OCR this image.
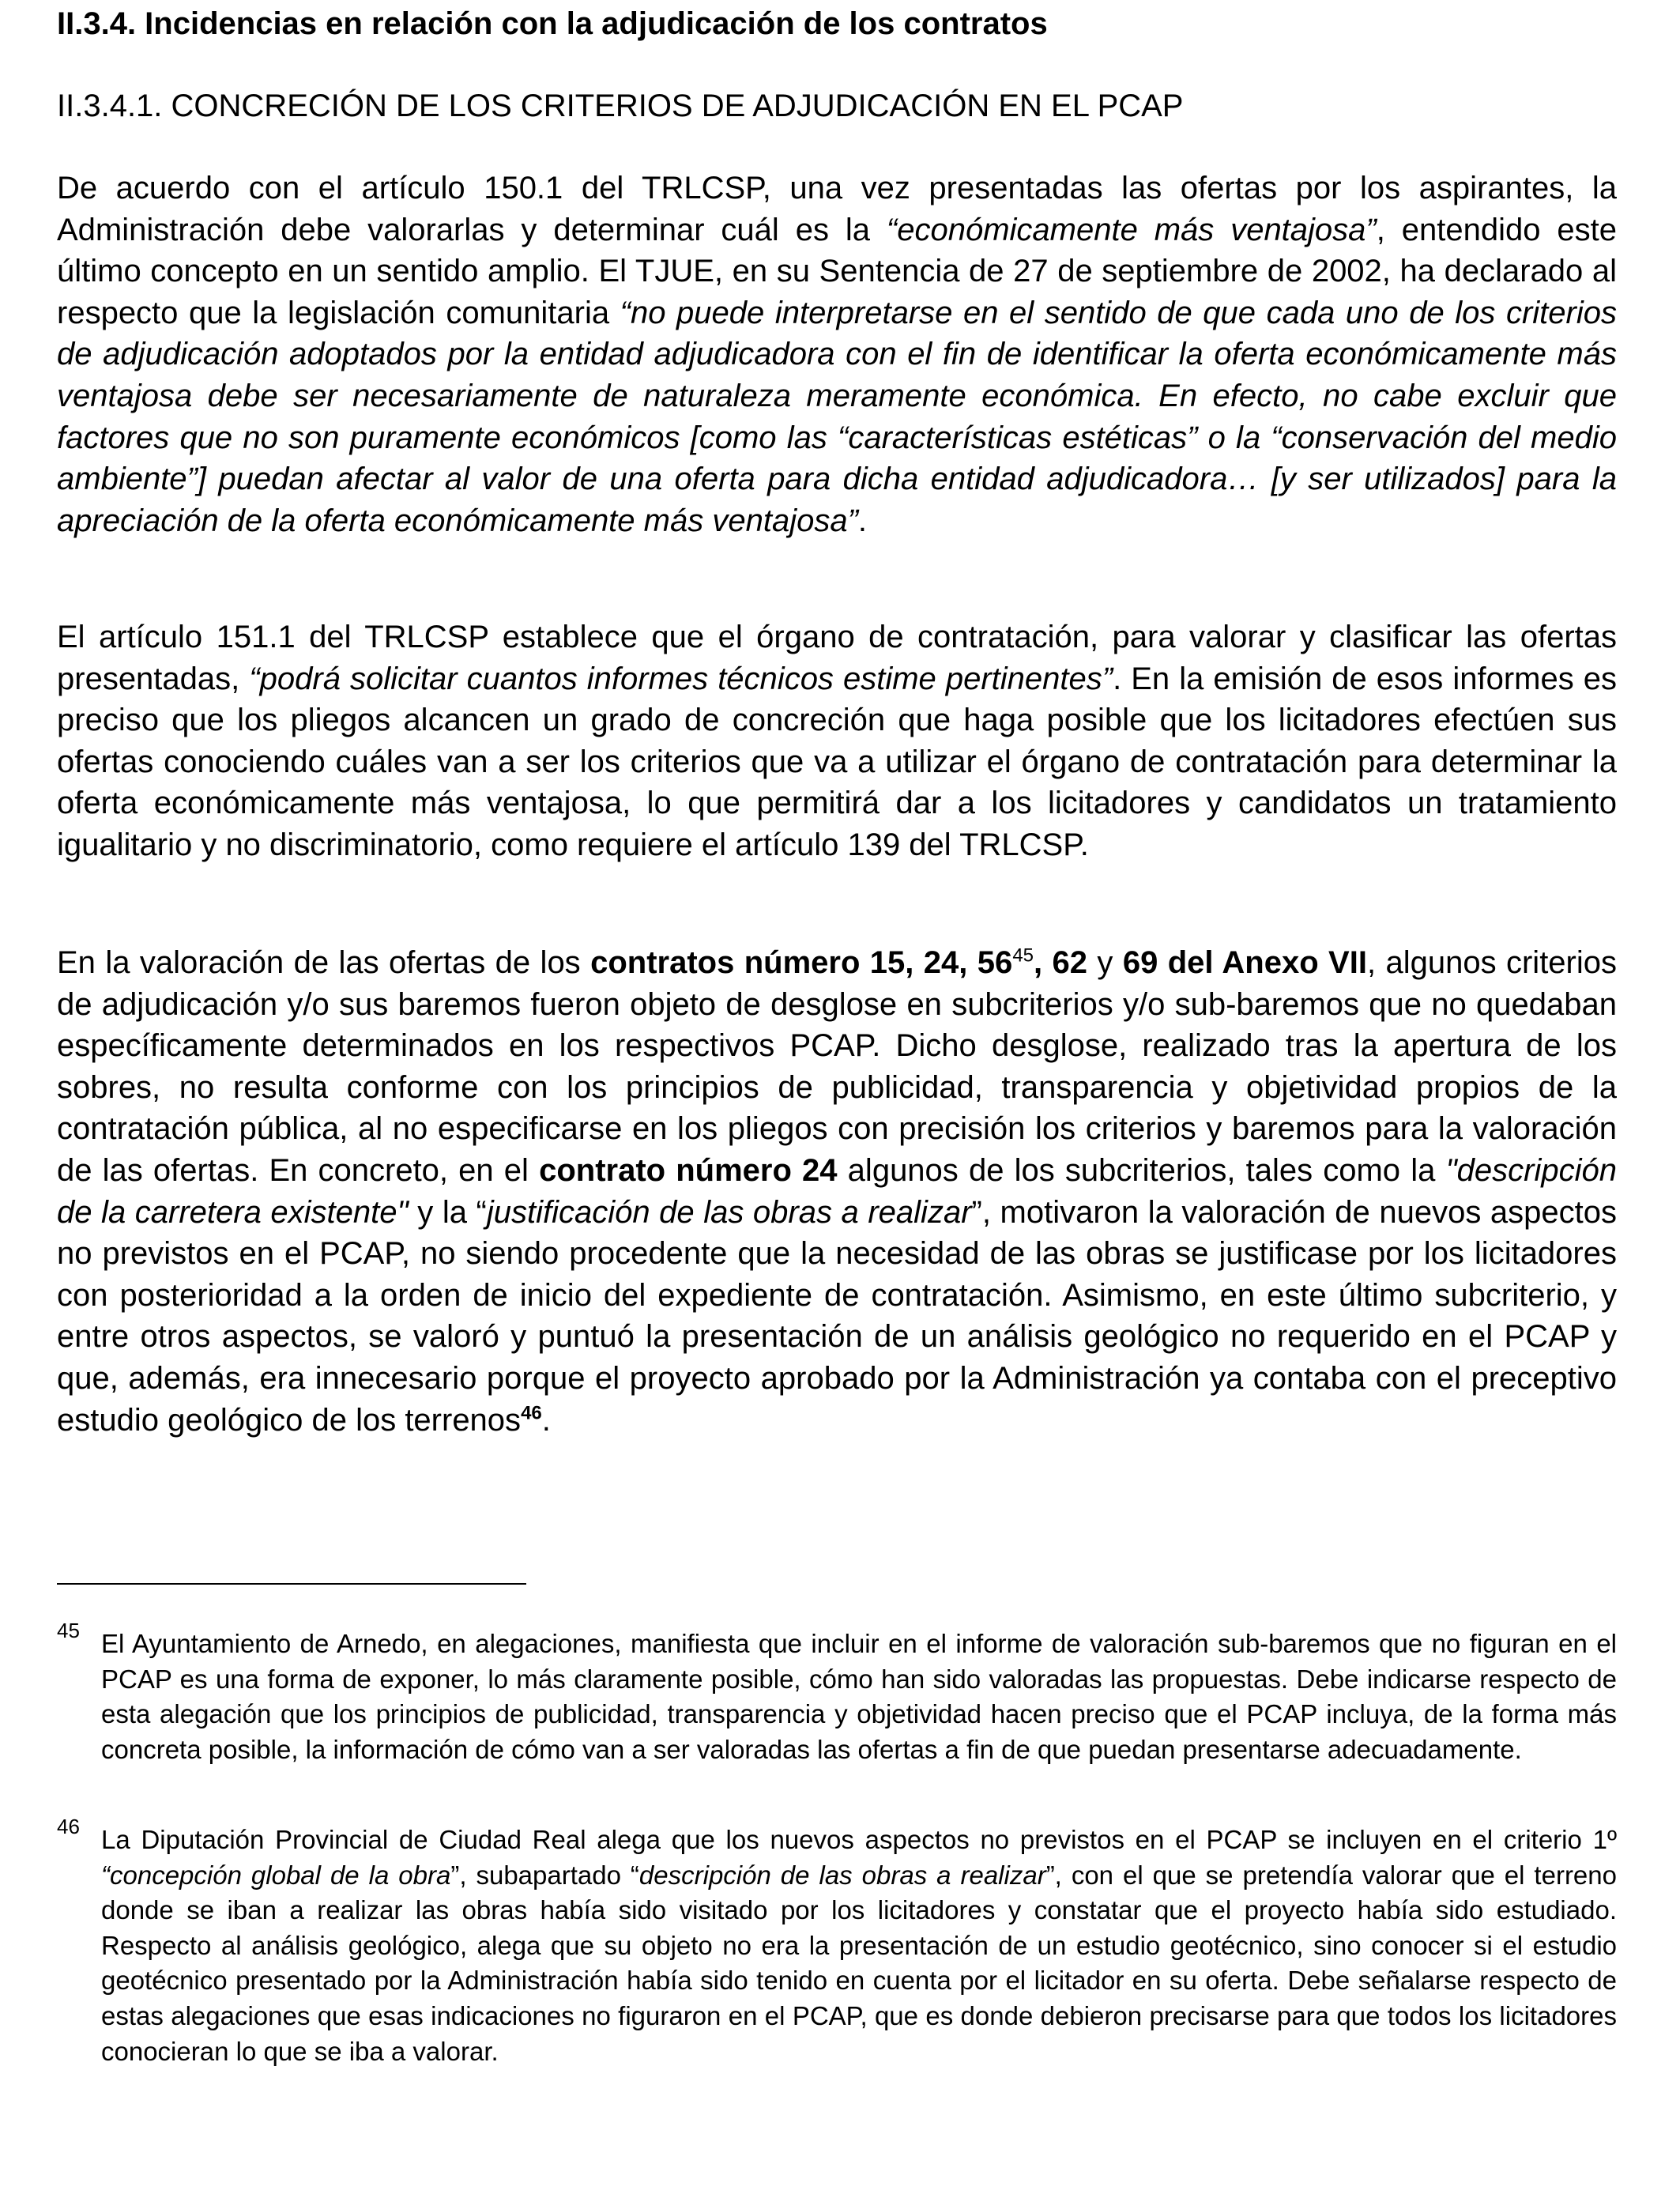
II.3.4. Incidencias en relación con la adjudicación de los contratos
II.3.4.1. CONCRECIÓN DE LOS CRITERIOS DE ADJUDICACIÓN EN EL PCAP
De acuerdo con el artículo 150.1 del TRLCSP, una vez presentadas las ofertas por los aspirantes, la Administración debe valorarlas y determinar cuál es la “económicamente más ventajosa”, entendido este último concepto en un sentido amplio. El TJUE, en su Sentencia de 27 de septiembre de 2002, ha declarado al respecto que la legislación comunitaria “no puede interpretarse en el sentido de que cada uno de los criterios de adjudicación adoptados por la entidad adjudicadora con el fin de identificar la oferta económicamente más ventajosa debe ser necesariamente de naturaleza meramente económica. En efecto, no cabe excluir que factores que no son puramente económicos [como las “características estéticas” o la “conservación del medio ambiente”] puedan afectar al valor de una oferta para dicha entidad adjudicadora… [y ser utilizados] para la apreciación de la oferta económicamente más ventajosa”.
El artículo 151.1 del TRLCSP establece que el órgano de contratación, para valorar y clasificar las ofertas presentadas, “podrá solicitar cuantos informes técnicos estime pertinentes”. En la emisión de esos informes es preciso que los pliegos alcancen un grado de concreción que haga posible que los licitadores efectúen sus ofertas conociendo cuáles van a ser los criterios que va a utilizar el órgano de contratación para determinar la oferta económicamente más ventajosa, lo que permitirá dar a los licitadores y candidatos un tratamiento igualitario y no discriminatorio, como requiere el artículo 139 del TRLCSP.
En la valoración de las ofertas de los contratos número 15, 24, $56^{45}$, 62 y 69 del Anexo VII, algunos criterios de adjudicación y/o sus baremos fueron objeto de desglose en subcriterios y/o sub-baremos que no quedaban específicamente determinados en los respectivos PCAP. Dicho desglose, realizado tras la apertura de los sobres, no resulta conforme con los principios de publicidad, transparencia y objetividad propios de la contratación pública, al no especificarse en los pliegos con precisión los criterios y baremos para la valoración de las ofertas. En concreto, en el contrato número 24 algunos de los subcriterios, tales como la "descripción de la carretera existente" y la “justificación de las obras a realizar”, motivaron la valoración de nuevos aspectos no previstos en el PCAP, no siendo procedente que la necesidad de las obras se justificase por los licitadores con posterioridad a la orden de inicio del expediente de contratación. Asimismo, en este último subcriterio, y entre otros aspectos, se valoró y puntuó la presentación de un análisis geológico no requerido en el PCAP y que, además, era innecesario porque el proyecto aprobado por la Administración ya contaba con el preceptivo estudio geológico de los terrenos$^{46}$.
45 El Ayuntamiento de Arnedo, en alegaciones, manifiesta que incluir en el informe de valoración sub-baremos que no figuran en el PCAP es una forma de exponer, lo más claramente posible, cómo han sido valoradas las propuestas. Debe indicarse respecto de esta alegación que los principios de publicidad, transparencia y objetividad hacen preciso que el PCAP incluya, de la forma más concreta posible, la información de cómo van a ser valoradas las ofertas a fin de que puedan presentarse adecuadamente.
46 La Diputación Provincial de Ciudad Real alega que los nuevos aspectos no previstos en el PCAP se incluyen en el criterio 1º “concepción global de la obra”, subapartado “descripción de las obras a realizar”, con el que se pretendía valorar que el terreno donde se iban a realizar las obras había sido visitado por los licitadores y constatar que el proyecto había sido estudiado. Respecto al análisis geológico, alega que su objeto no era la presentación de un estudio geotécnico, sino conocer si el estudio geotécnico presentado por la Administración había sido tenido en cuenta por el licitador en su oferta. Debe señalarse respecto de estas alegaciones que esas indicaciones no figuraron en el PCAP, que es donde debieron precisarse para que todos los licitadores conocieran lo que se iba a valorar.
